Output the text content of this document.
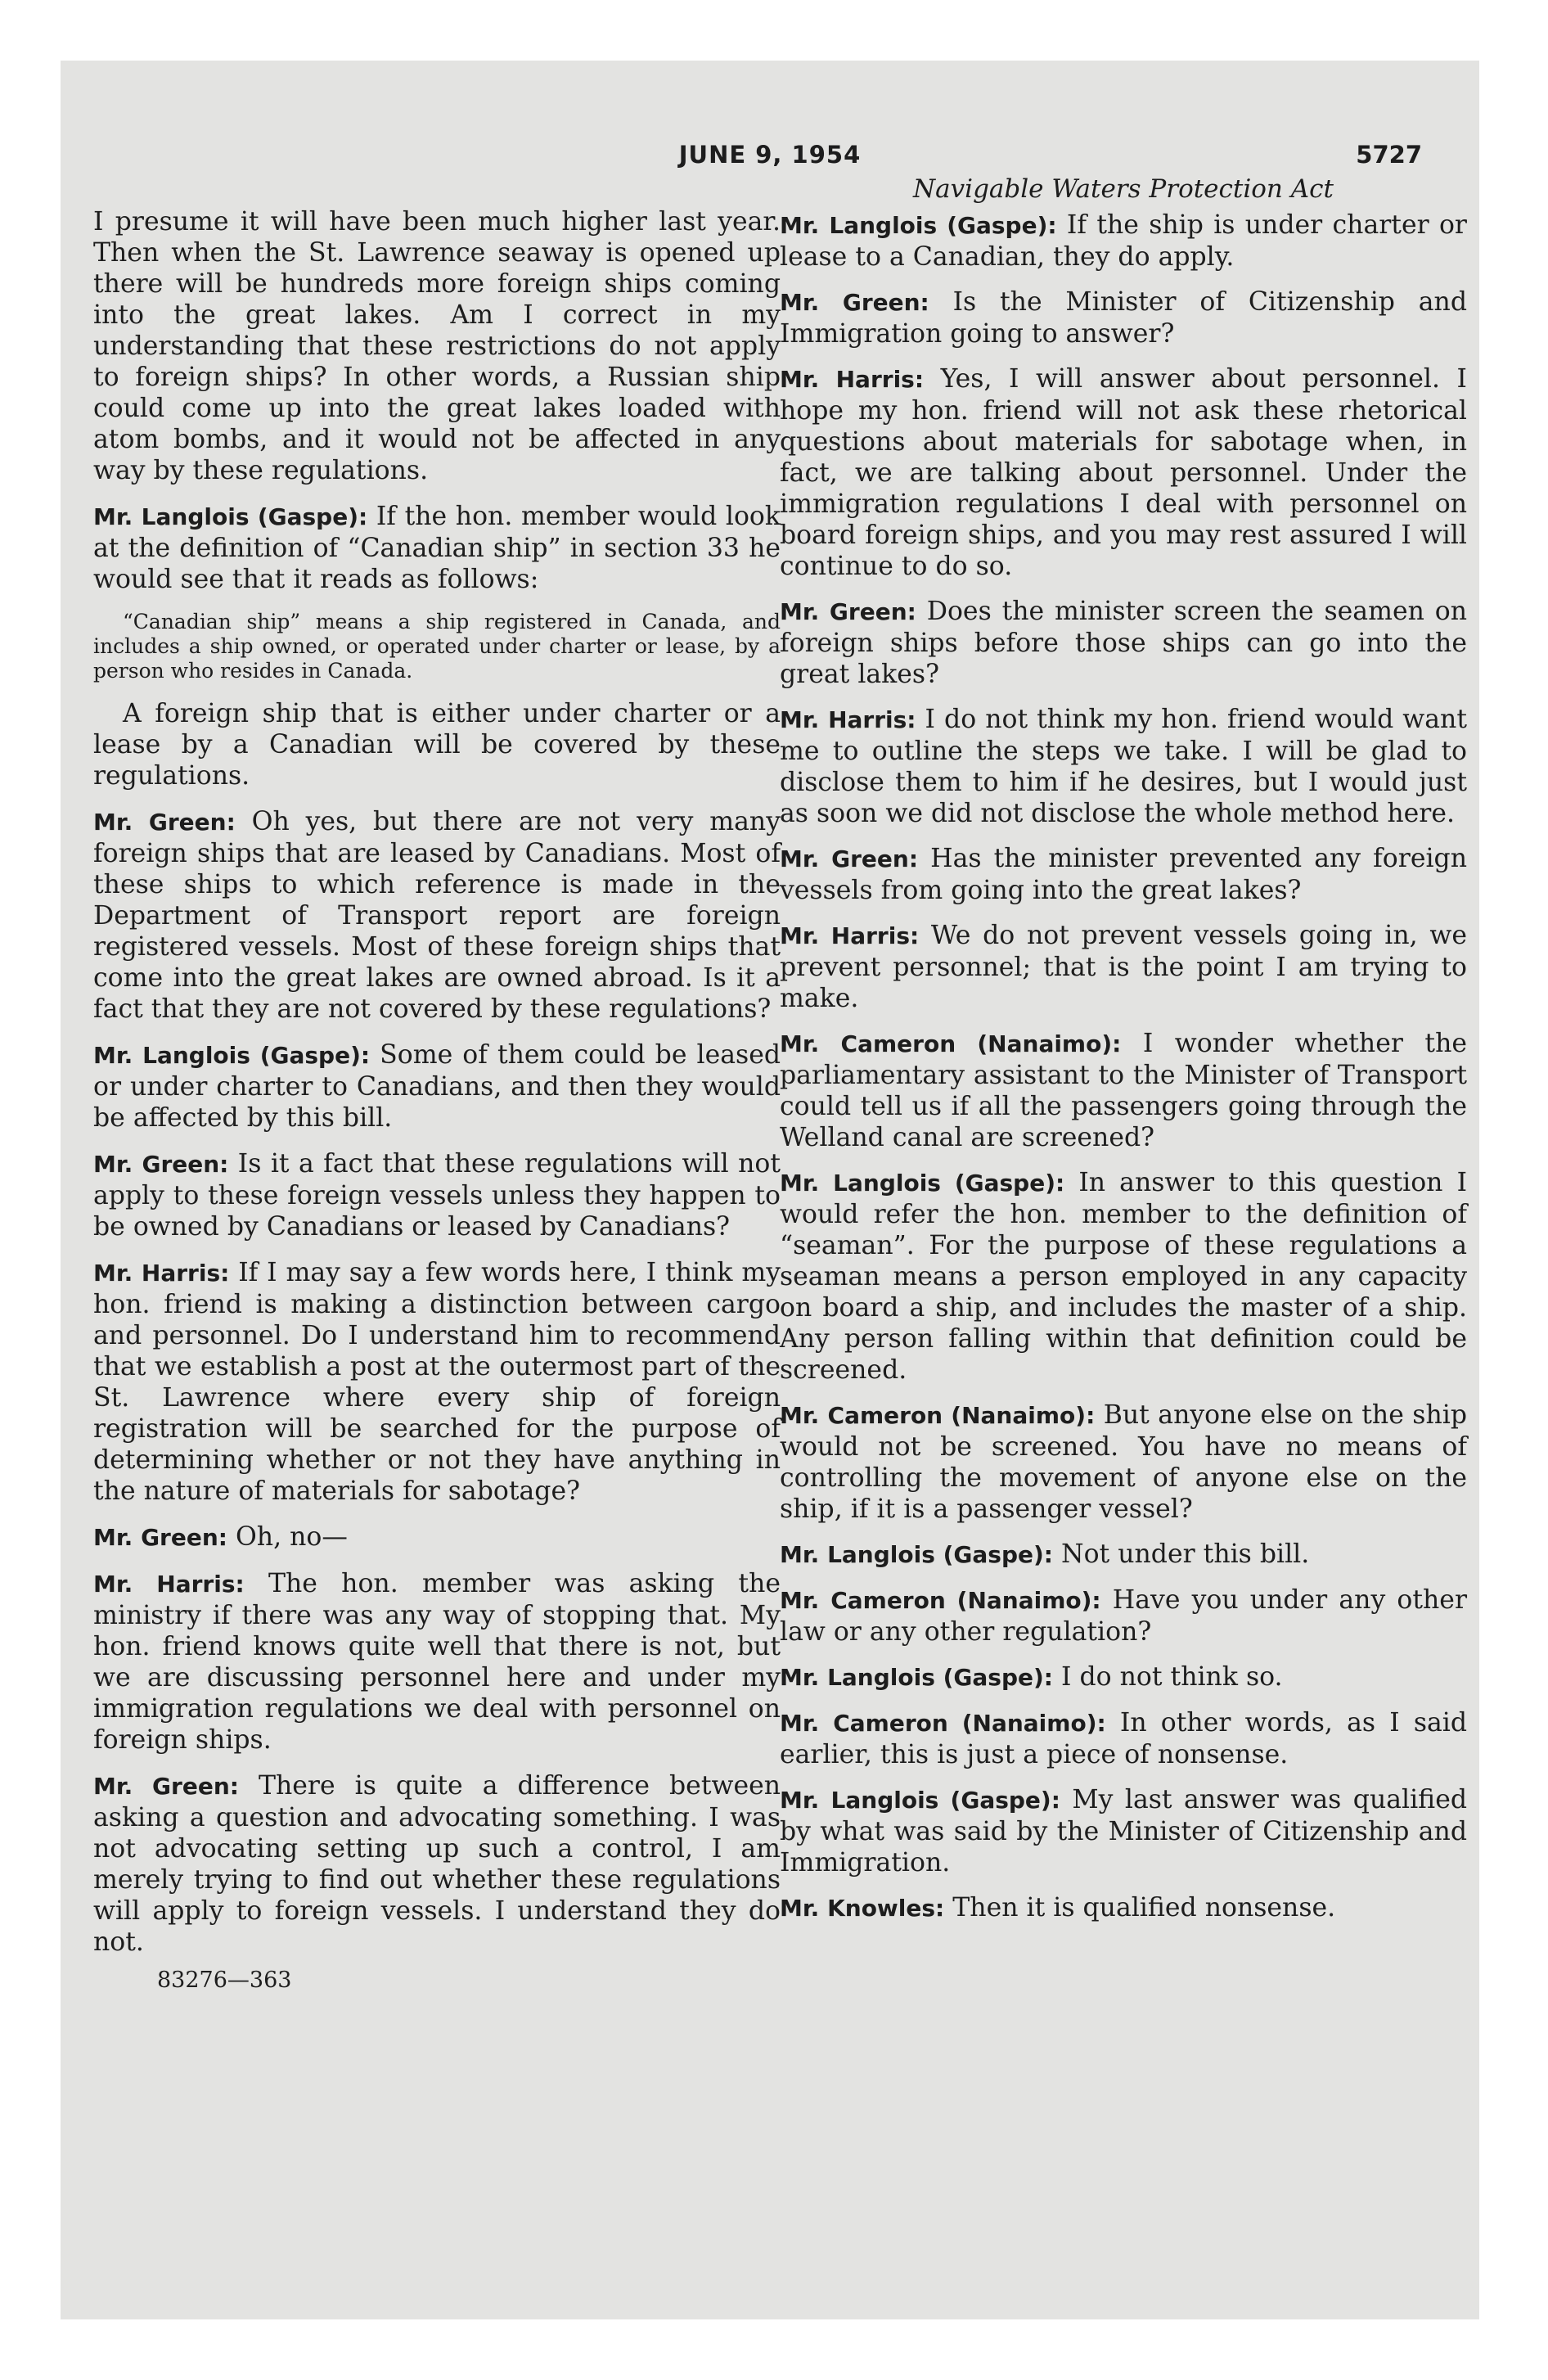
JUNE 9, 1954	5727
Navigable Waters Protection Act

I presume it will have been much higher last year. Then when the St. Lawrence seaway is opened up there will be hundreds more foreign ships coming into the great lakes. Am I correct in my understanding that these restrictions do not apply to foreign ships? In other words, a Russian ship could come up into the great lakes loaded with atom bombs, and it would not be affected in any way by these regulations.

Mr. Langlois (Gaspe): If the hon. member would look at the definition of “Canadian ship” in section 33 he would see that it reads as follows:

“Canadian ship” means a ship registered in Canada, and includes a ship owned, or operated under charter or lease, by a person who resides in Canada.

A foreign ship that is either under charter or a lease by a Canadian will be covered by these regulations.

Mr. Green: Oh yes, but there are not very many foreign ships that are leased by Canadians. Most of these ships to which reference is made in the Department of Transport report are foreign registered vessels. Most of these foreign ships that come into the great lakes are owned abroad. Is it a fact that they are not covered by these regulations?

Mr. Langlois (Gaspe): Some of them could be leased or under charter to Canadians, and then they would be affected by this bill.

Mr. Green: Is it a fact that these regulations will not apply to these foreign vessels unless they happen to be owned by Canadians or leased by Canadians?

Mr. Harris: If I may say a few words here, I think my hon. friend is making a distinction between cargo and personnel. Do I understand him to recommend that we establish a post at the outermost part of the St. Lawrence where every ship of foreign registration will be searched for the purpose of determining whether or not they have anything in the nature of materials for sabotage?

Mr. Green: Oh, no—

Mr. Harris: The hon. member was asking the ministry if there was any way of stopping that. My hon. friend knows quite well that there is not, but we are discussing personnel here and under my immigration regulations we deal with personnel on foreign ships.

Mr. Green: There is quite a difference between asking a question and advocating something. I was not advocating setting up such a control, I am merely trying to find out whether these regulations will apply to foreign vessels. I understand they do not.

83276—363

Mr. Langlois (Gaspe): If the ship is under charter or lease to a Canadian, they do apply.

Mr. Green: Is the Minister of Citizenship and Immigration going to answer?

Mr. Harris: Yes, I will answer about personnel. I hope my hon. friend will not ask these rhetorical questions about materials for sabotage when, in fact, we are talking about personnel. Under the immigration regulations I deal with personnel on board foreign ships, and you may rest assured I will continue to do so.

Mr. Green: Does the minister screen the seamen on foreign ships before those ships can go into the great lakes?

Mr. Harris: I do not think my hon. friend would want me to outline the steps we take. I will be glad to disclose them to him if he desires, but I would just as soon we did not disclose the whole method here.

Mr. Green: Has the minister prevented any foreign vessels from going into the great lakes?

Mr. Harris: We do not prevent vessels going in, we prevent personnel; that is the point I am trying to make.

Mr. Cameron (Nanaimo): I wonder whether the parliamentary assistant to the Minister of Transport could tell us if all the passengers going through the Welland canal are screened?

Mr. Langlois (Gaspe): In answer to this question I would refer the hon. member to the definition of “seaman”. For the purpose of these regulations a seaman means a person employed in any capacity on board a ship, and includes the master of a ship. Any person falling within that definition could be screened.

Mr. Cameron (Nanaimo): But anyone else on the ship would not be screened. You have no means of controlling the movement of anyone else on the ship, if it is a passenger vessel?

Mr. Langlois (Gaspe): Not under this bill.

Mr. Cameron (Nanaimo): Have you under any other law or any other regulation?

Mr. Langlois (Gaspe): I do not think so.

Mr. Cameron (Nanaimo): In other words, as I said earlier, this is just a piece of nonsense.

Mr. Langlois (Gaspe): My last answer was qualified by what was said by the Minister of Citizenship and Immigration.

Mr. Knowles: Then it is qualified nonsense.
